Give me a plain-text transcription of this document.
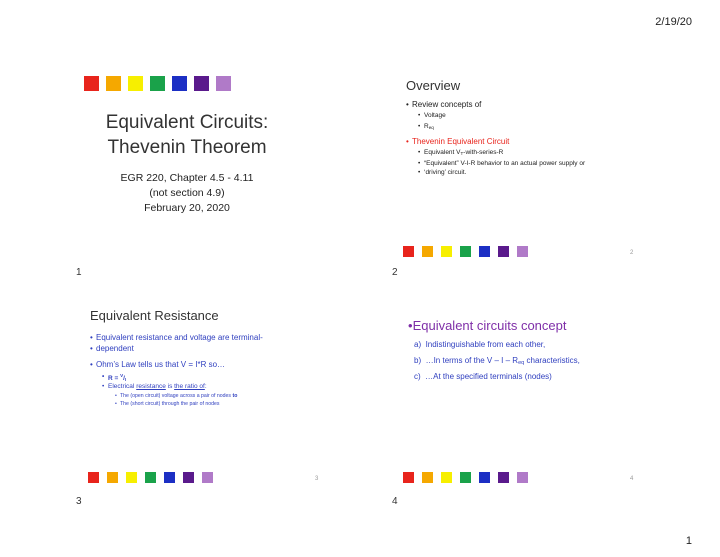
2/19/20
Equivalent Circuits:
Thevenin Theorem
EGR 220, Chapter 4.5 - 4.11
(not section 4.9)
February 20, 2020
1
Overview
• Review concepts of
• Voltage
• $R_{eq}$
• Thevenin Equivalent Circuit
• Equivalent $V_T-with-series-R$
• “Equivalent” V-I-R behavior to an actual power supply or
• ‘driving’ circuit.
2
2
Equivalent Resistance
• Equivalent resistance and voltage are terminal-
• dependent
• Ohm’s Law tells us that V = I*R so…
• $R = ^V/_I$
• Electrical resistance is the ratio of:
• The (open circuit) voltage across a pair of nodes to
• The (short circuit) through the pair of nodes
3
3
•Equivalent circuits concept
a) Indistinguishable from each other,
b) …In terms of the V – I – Req characteristics,
c) …At the specified terminals (nodes)
4
4
1
